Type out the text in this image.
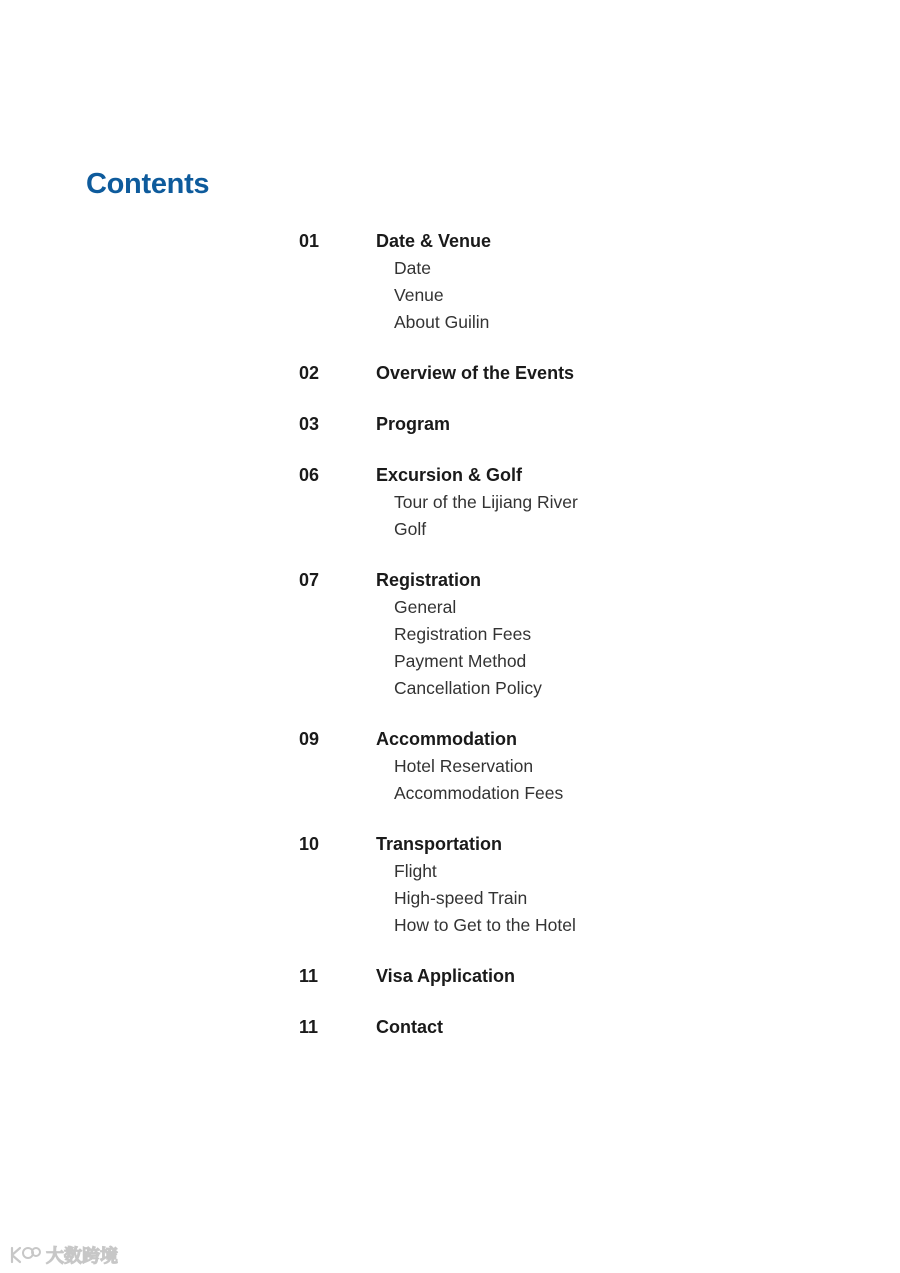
Contents
01	Date & Venue
Date
Venue
About Guilin
02	Overview of the Events
03	Program
06	Excursion & Golf
Tour of the Lijiang River
Golf
07	Registration
General
Registration Fees
Payment Method
Cancellation Policy
09	Accommodation
Hotel Reservation
Accommodation Fees
10	Transportation
Flight
High-speed Train
How to Get to the Hotel
11	Visa Application
11	Contact
大数跨境
